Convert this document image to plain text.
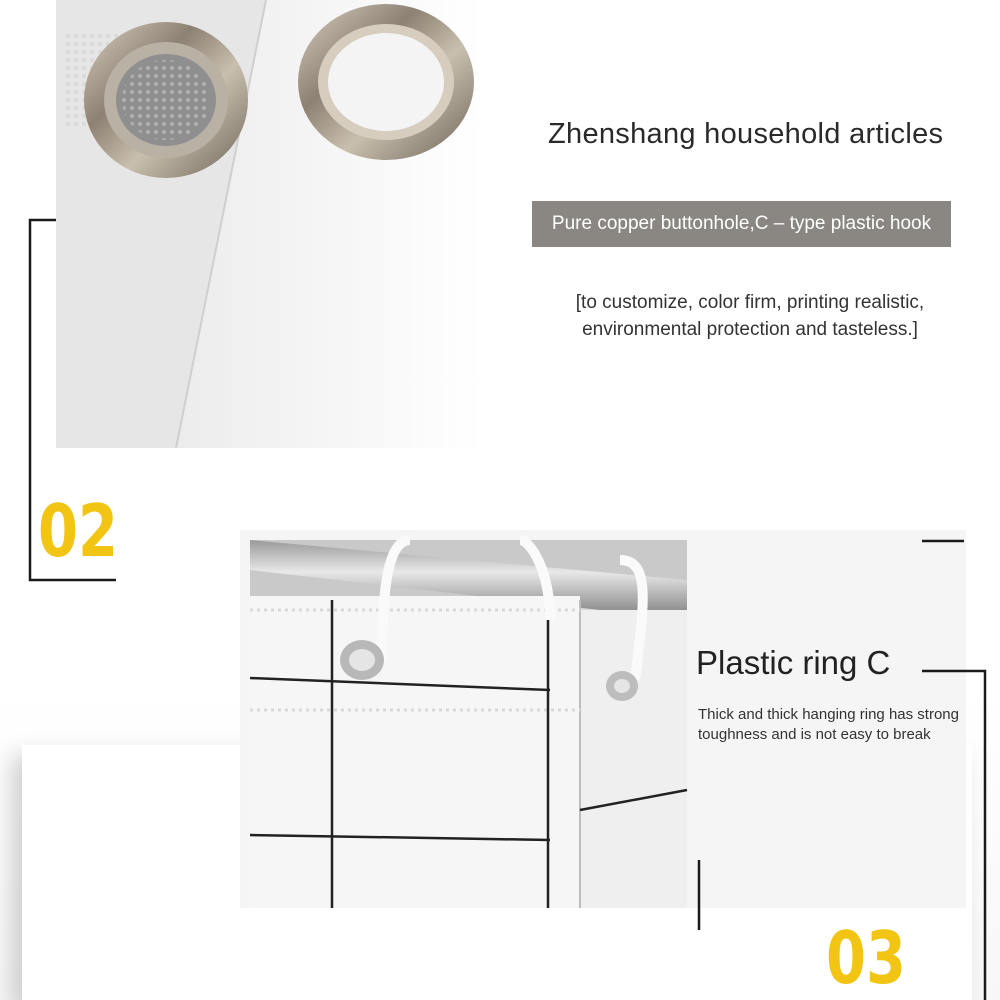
Zhenshang household articles
Pure copper buttonhole,C – type plastic hook
[to customize, color firm, printing realistic,
environmental protection and tasteless.]
02
Plastic ring C
Thick and thick hanging ring has strong toughness and is not easy to break
03
